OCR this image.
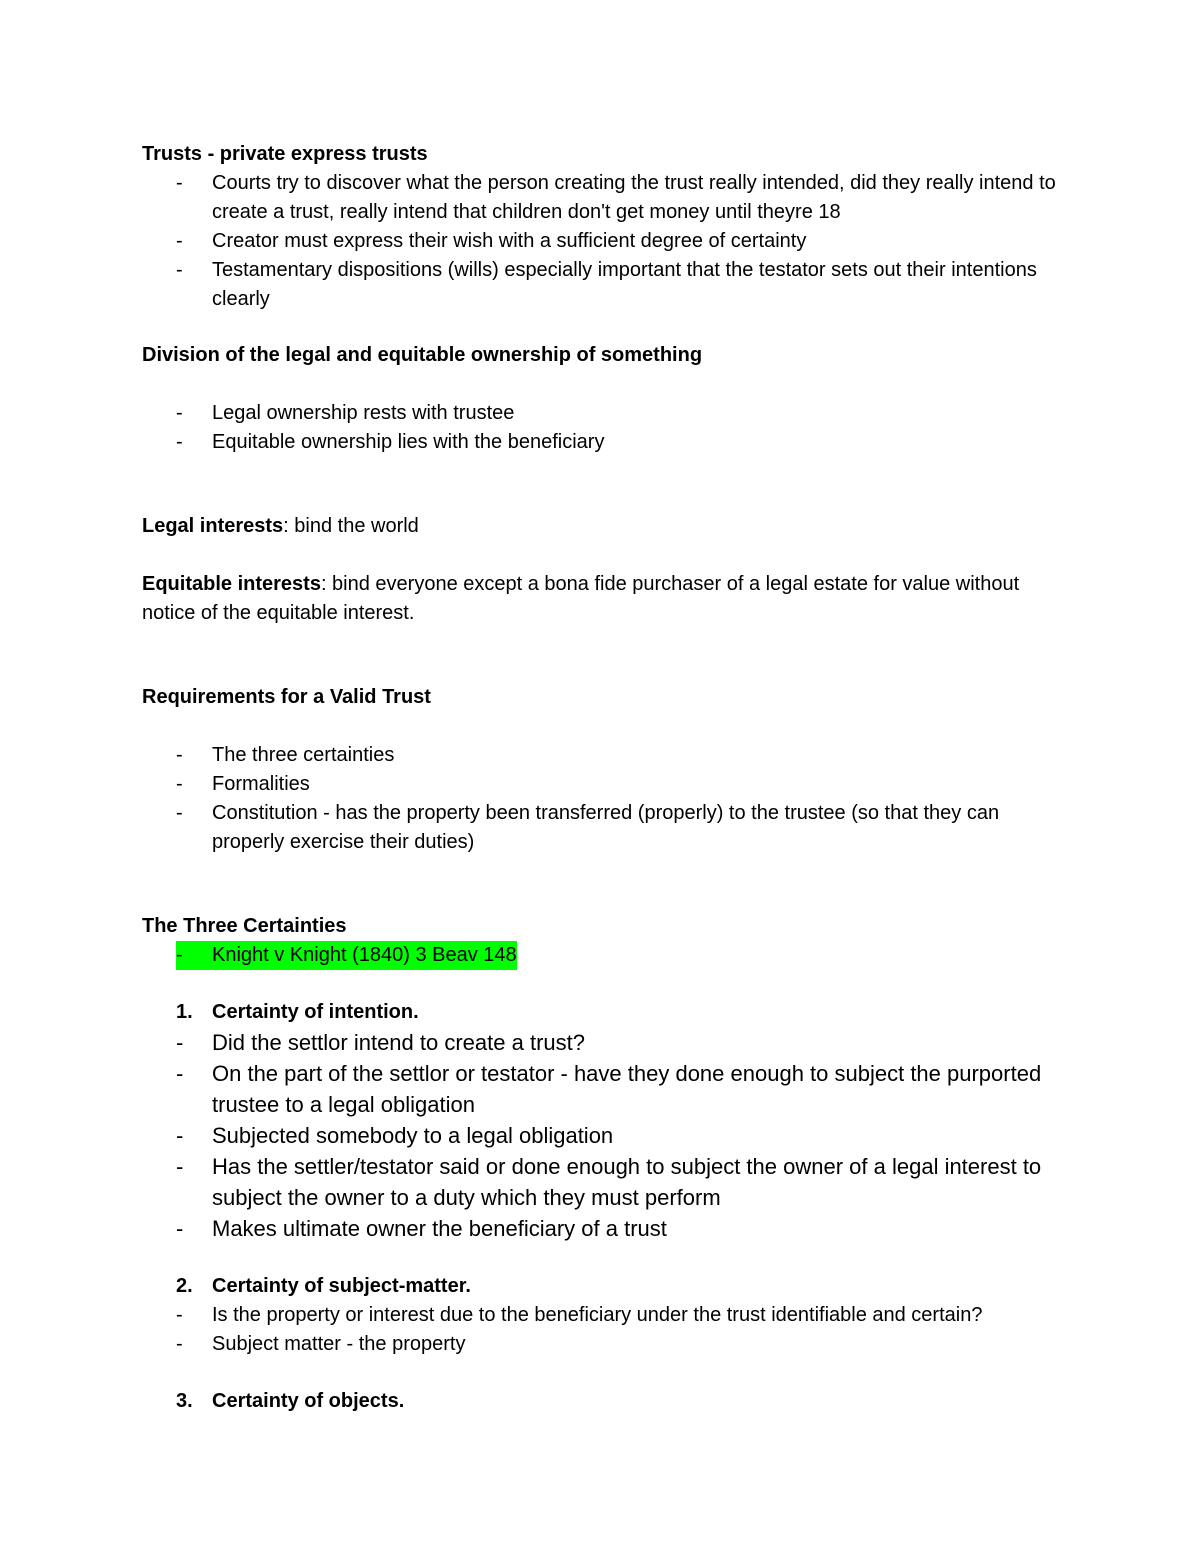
Trusts - private express trusts

- Courts try to discover what the person creating the trust really intended, did they really intend to create a trust, really intend that children don't get money until theyre 18
- Creator must express their wish with a sufficient degree of certainty
- Testamentary dispositions (wills) especially important that the testator sets out their intentions clearly

Division of the legal and equitable ownership of something

- Legal ownership rests with trustee
- Equitable ownership lies with the beneficiary

Legal interests: bind the world

Equitable interests: bind everyone except a bona fide purchaser of a legal estate for value without notice of the equitable interest.

Requirements for a Valid Trust

- The three certainties
- Formalities
- Constitution - has the property been transferred (properly) to the trustee (so that they can properly exercise their duties)

The Three Certainties

- Knight v Knight (1840) 3 Beav 148

1. Certainty of intention.

- Did the settlor intend to create a trust?
- On the part of the settlor or testator - have they done enough to subject the purported trustee to a legal obligation
- Subjected somebody to a legal obligation
- Has the settler/testator said or done enough to subject the owner of a legal interest to subject the owner to a duty which they must perform
- Makes ultimate owner the beneficiary of a trust

2. Certainty of subject-matter.

- Is the property or interest due to the beneficiary under the trust identifiable and certain?
- Subject matter - the property

3. Certainty of objects.
